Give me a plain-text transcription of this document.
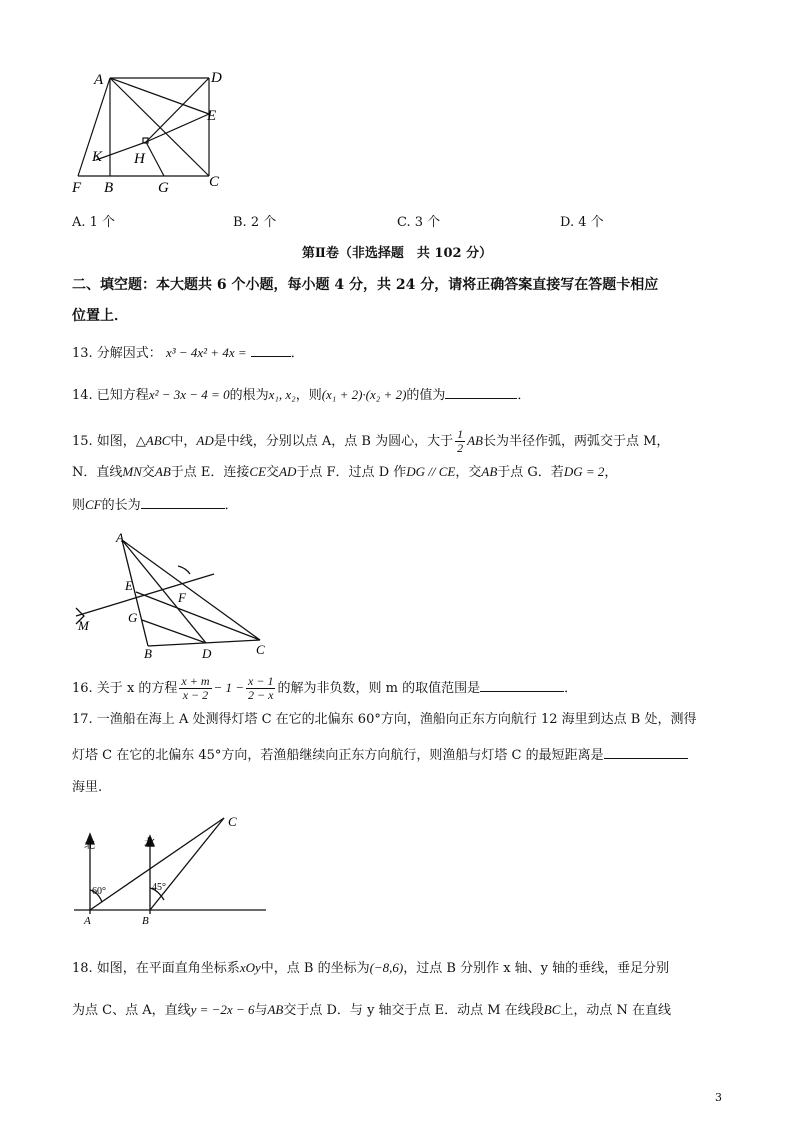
A	D
E
K H
F B	G	C
A. 1 个	B. 2 个	C. 3 个	D. 4 个
第Ⅱ卷（非选择题　共 102 分）
二、填空题：本大题共 6 个小题，每小题 4 分，共 24 分，请将正确答案直接写在答题卡相应
位置上．
13. 分解因式： x³ − 4x² + 4x =	．
14. 已知方程x² − 3x − 4 = 0的根为x₁, x₂，则(x₁ + 2)·(x₂ + 2)的值为	．
15. 如图，△ABC中，AD是中线，分别以点 A，点 B 为圆心，大于 $\frac{1}{2}$ AB长为半径作弧，两弧交于点 M，
N．直线MN交AB于点 E．连接CE交AD于点 F．过点 D 作DG // CE，交AB于点 G．若DG = 2，
则CF的长为	．
A
E
F
G
M
B	D	C
16. 关于 x 的方程 $\frac{x + m}{x - 2} - 1 - \frac{x - 1}{2 - x}$ 的解为非负数，则 m 的取值范围是	．
17. 一渔船在海上 A 处测得灯塔 C 在它的北偏东 60°方向，渔船向正东方向航行 12 海里到达点 B 处，测得
灯塔 C 在它的北偏东 45°方向，若渔船继续向正东方向航行，则渔船与灯塔 C 的最短距离是
海里.
北	北
60°	45°
A	B
C
18. 如图，在平面直角坐标系xOy中，点 B 的坐标为(−8,6)，过点 B 分别作 x 轴、y 轴的垂线，垂足分别
为点 C、点 A，直线y = −2x − 6与AB交于点 D．与 y 轴交于点 E．动点 M 在线段BC上，动点 N 在直线
3
